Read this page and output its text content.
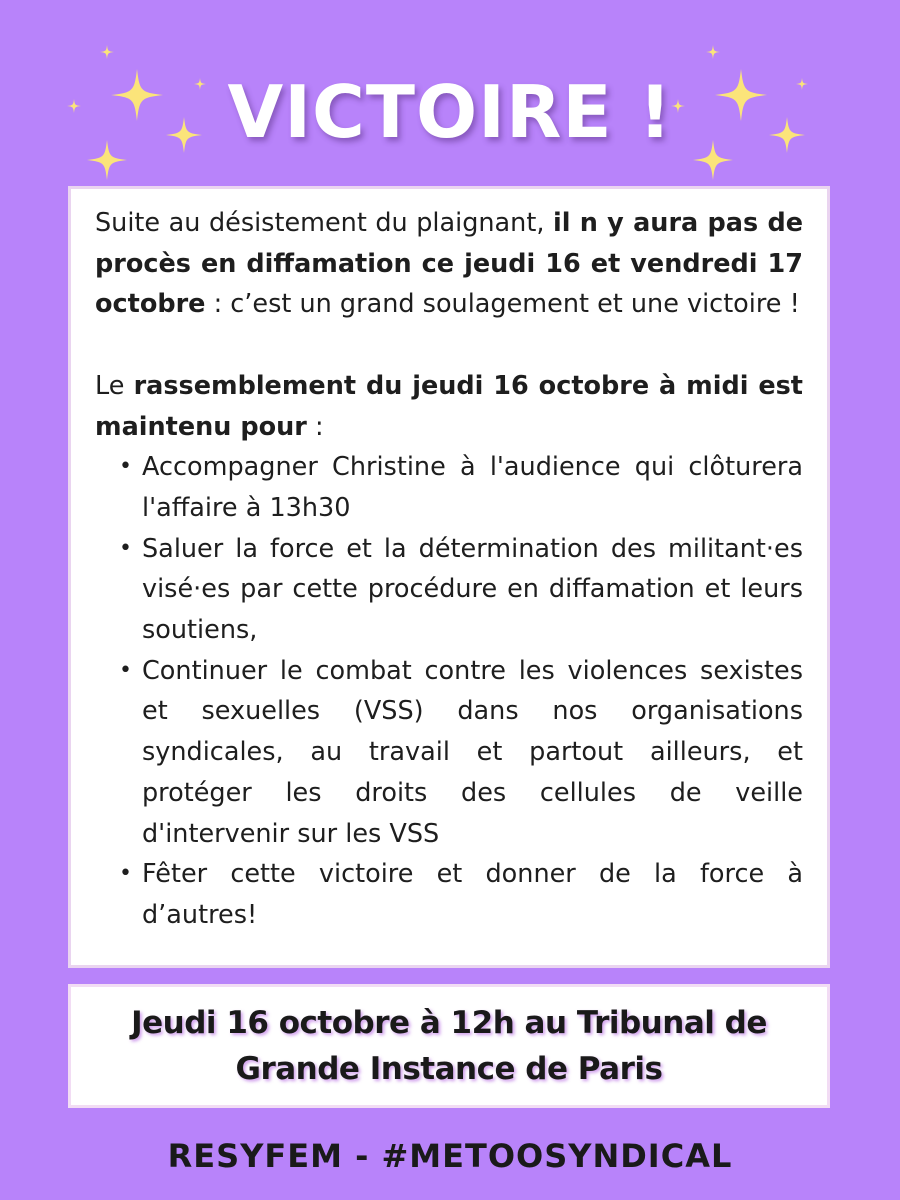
VICTOIRE !

Suite au désistement du plaignant, il n y aura pas de procès en diffamation ce jeudi 16 et vendredi 17 octobre : c’est un grand soulagement et une victoire !

Le rassemblement du jeudi 16 octobre à midi est maintenu pour :

• Accompagner Christine à l'audience qui clôturera l'affaire à 13h30
• Saluer la force et la détermination des militant·es visé·es par cette procédure en diffamation et leurs soutiens,
• Continuer le combat contre les violences sexistes et sexuelles (VSS) dans nos organisations syndicales, au travail et partout ailleurs, et protéger les droits des cellules de veille d'intervenir sur les VSS
• Fêter cette victoire et donner de la force à d’autres!
Jeudi 16 octobre à 12h au Tribunal de
Grande Instance de Paris
RESYFEM - #METOOSYNDICAL
